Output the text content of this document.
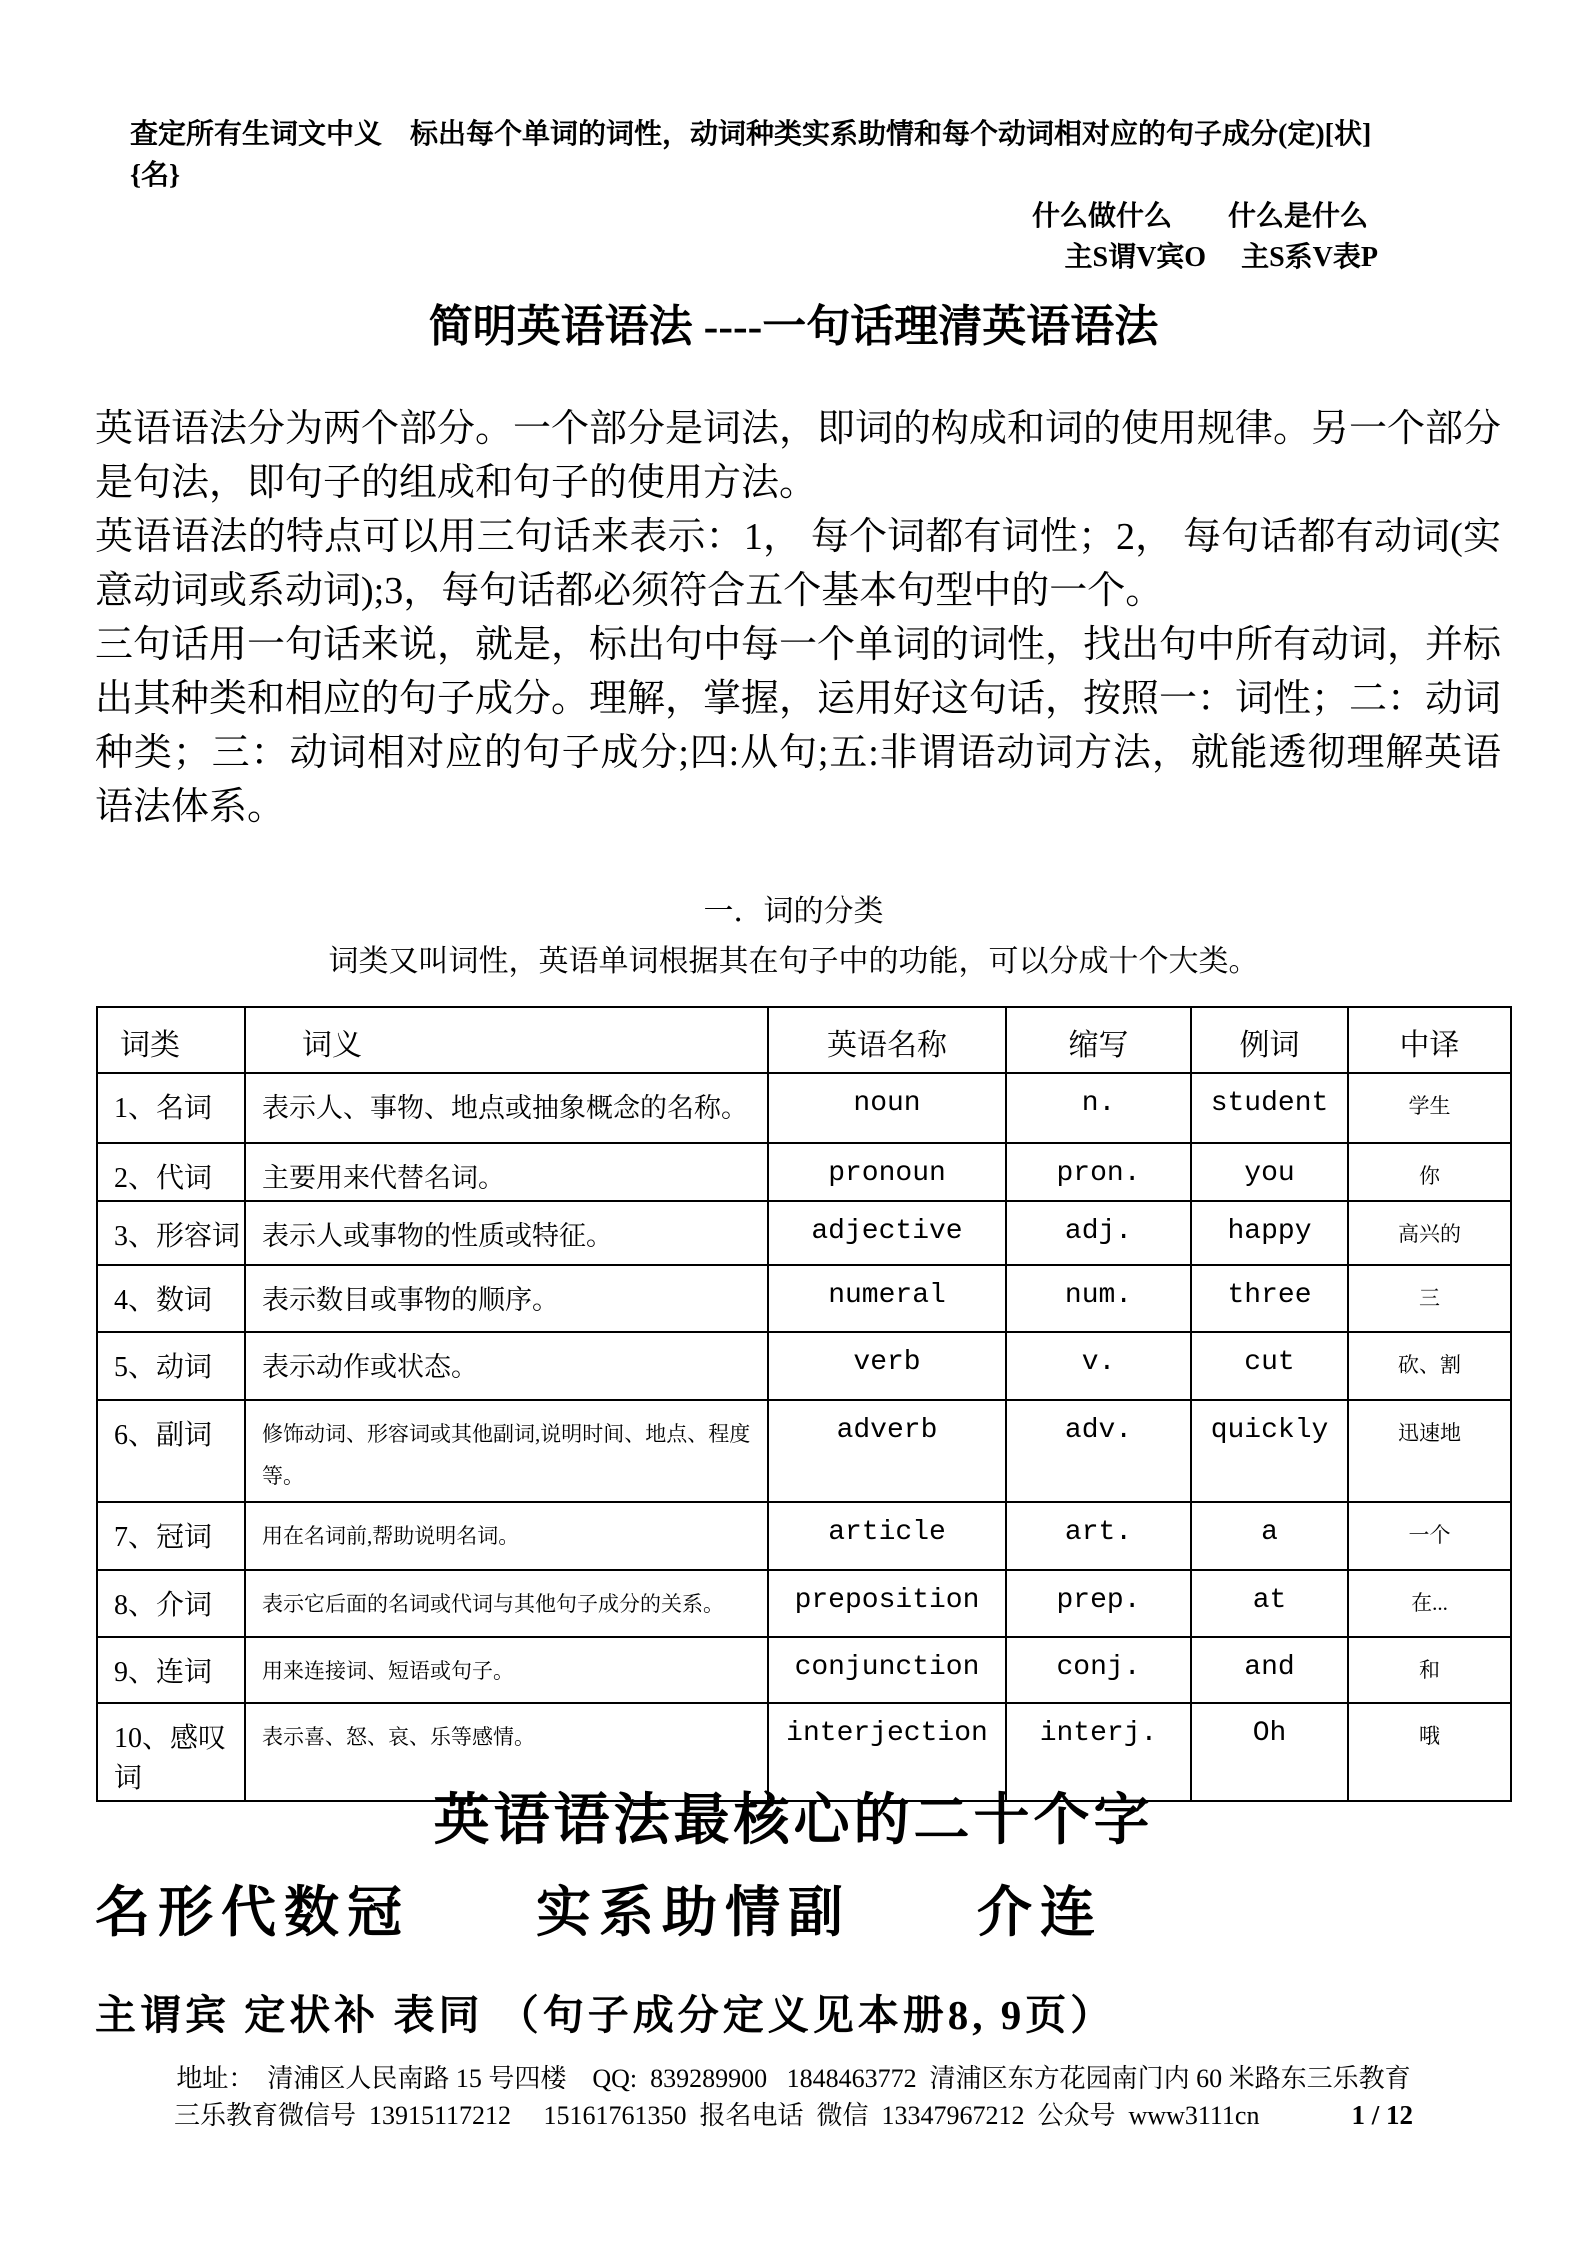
查定所有生词文中义　标出每个单词的词性，动词种类实系助情和每个动词相对应的句子成分(定)[状]{名}
什么做什么　　什么是什么
主S谓V宾O　 主S系V表P
简明英语语法 ----一句话理清英语语法

英语语法分为两个部分。一个部分是词法，即词的构成和词的使用规律。另一个部分是句法，即句子的组成和句子的使用方法。

英语语法的特点可以用三句话来表示：1， 每个词都有词性；2， 每句话都有动词(实意动词或系动词);3，每句话都必须符合五个基本句型中的一个。

三句话用一句话来说，就是，标出句中每一个单词的词性，找出句中所有动词，并标出其种类和相应的句子成分。理解，掌握，运用好这句话，按照一：词性；二：动词种类；三：动词相对应的句子成分;四:从句;五:非谓语动词方法，就能透彻理解英语语法体系。

一．词的分类
词类又叫词性，英语单词根据其在句子中的功能，可以分成十个大类。
词类	词义	英语名称	缩写	例词	中译
1、名词	表示人、事物、地点或抽象概念的名称。	noun	n.	student	学生
2、代词	主要用来代替名词。	pronoun	pron.	you	你
3、形容词	表示人或事物的性质或特征。	adjective	adj.	happy	高兴的
4、数词	表示数目或事物的顺序。	numeral	num.	three	三
5、动词	表示动作或状态。	verb	v.	cut	砍、割
6、副词	修饰动词、形容词或其他副词,说明时间、地点、程度等。	adverb	adv.	quickly	迅速地
7、冠词	用在名词前,帮助说明名词。	article	art.	a	一个
8、介词	表示它后面的名词或代词与其他句子成分的关系。	preposition	prep.	at	在...
9、连词	用来连接词、短语或句子。	conjunction	conj.	and	和
10、感叹词	表示喜、怒、哀、乐等感情。	interjection	interj.	Oh	哦
英语语法最核心的二十个字
名形代数冠　　实系助情副　　介连
主谓宾 定状补 表同 （句子成分定义见本册8, 9页）
地址：  清浦区人民南路 15 号四楼    QQ:  839289900   1848463772  清浦区东方花园南门内 60 米路东三乐教育
三乐教育微信号  13915117212     15161761350  报名电话  微信  13347967212  公众号  www3111cn	1 / 12
